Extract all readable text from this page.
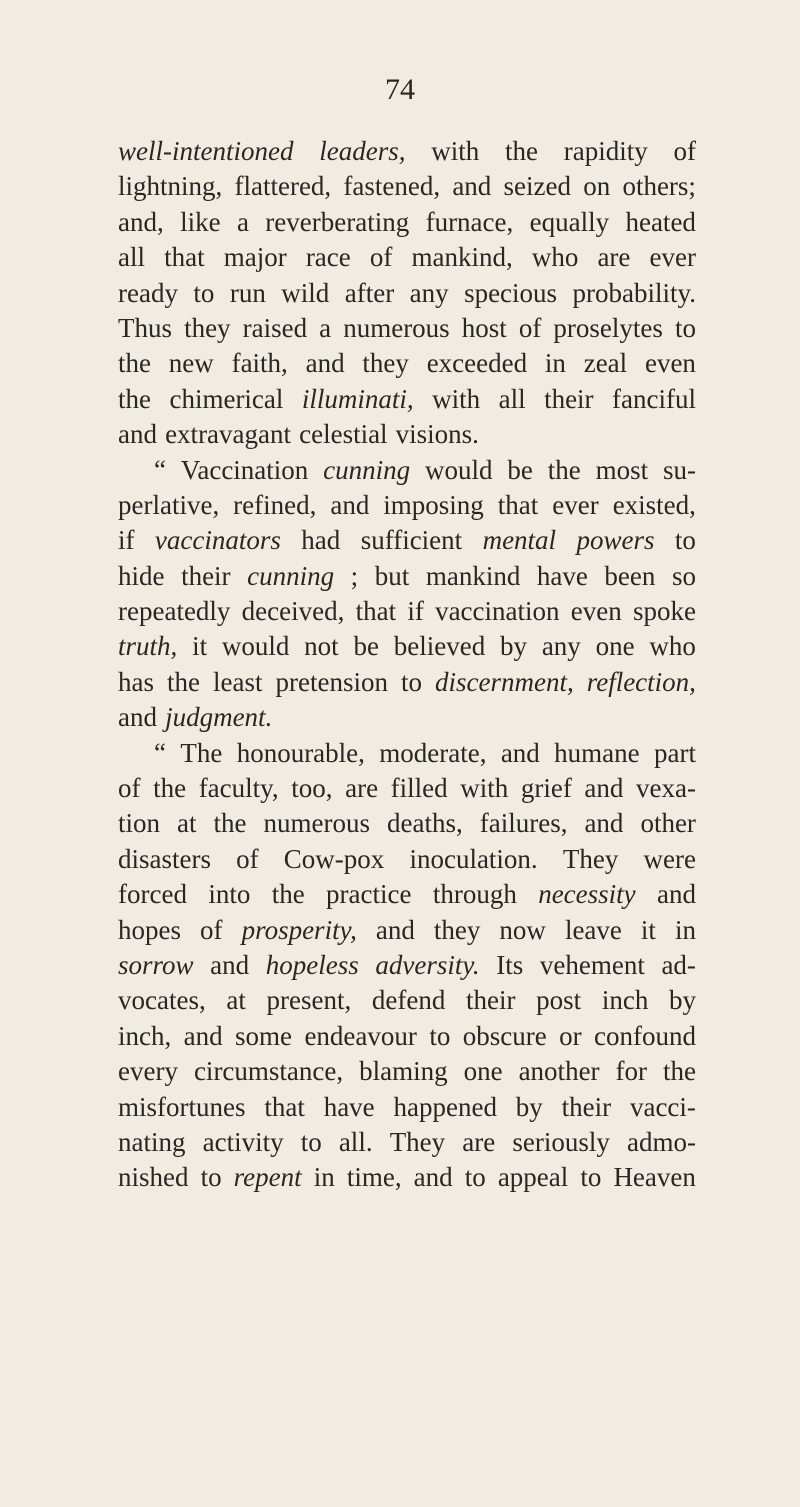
74
well-intentioned leaders, with the rapidity of
lightning, flattered, fastened, and seized on others;
and, like a reverberating furnace, equally heated
all that major race of mankind, who are ever
ready to run wild after any specious probability.
Thus they raised a numerous host of proselytes to
the new faith, and they exceeded in zeal even
the chimerical illuminati, with all their fanciful
and extravagant celestial visions.
“ Vaccination cunning would be the most su-
perlative, refined, and imposing that ever existed,
if vaccinators had sufficient mental powers to
hide their cunning ; but mankind have been so
repeatedly deceived, that if vaccination even spoke
truth, it would not be believed by any one who
has the least pretension to discernment, reflection,
and judgment.
“ The honourable, moderate, and humane part
of the faculty, too, are filled with grief and vexa-
tion at the numerous deaths, failures, and other
disasters of Cow-pox inoculation. They were
forced into the practice through necessity and
hopes of prosperity, and they now leave it in
sorrow and hopeless adversity. Its vehement ad-
vocates, at present, defend their post inch by
inch, and some endeavour to obscure or confound
every circumstance, blaming one another for the
misfortunes that have happened by their vacci-
nating activity to all. They are seriously admo-
nished to repent in time, and to appeal to Heaven
